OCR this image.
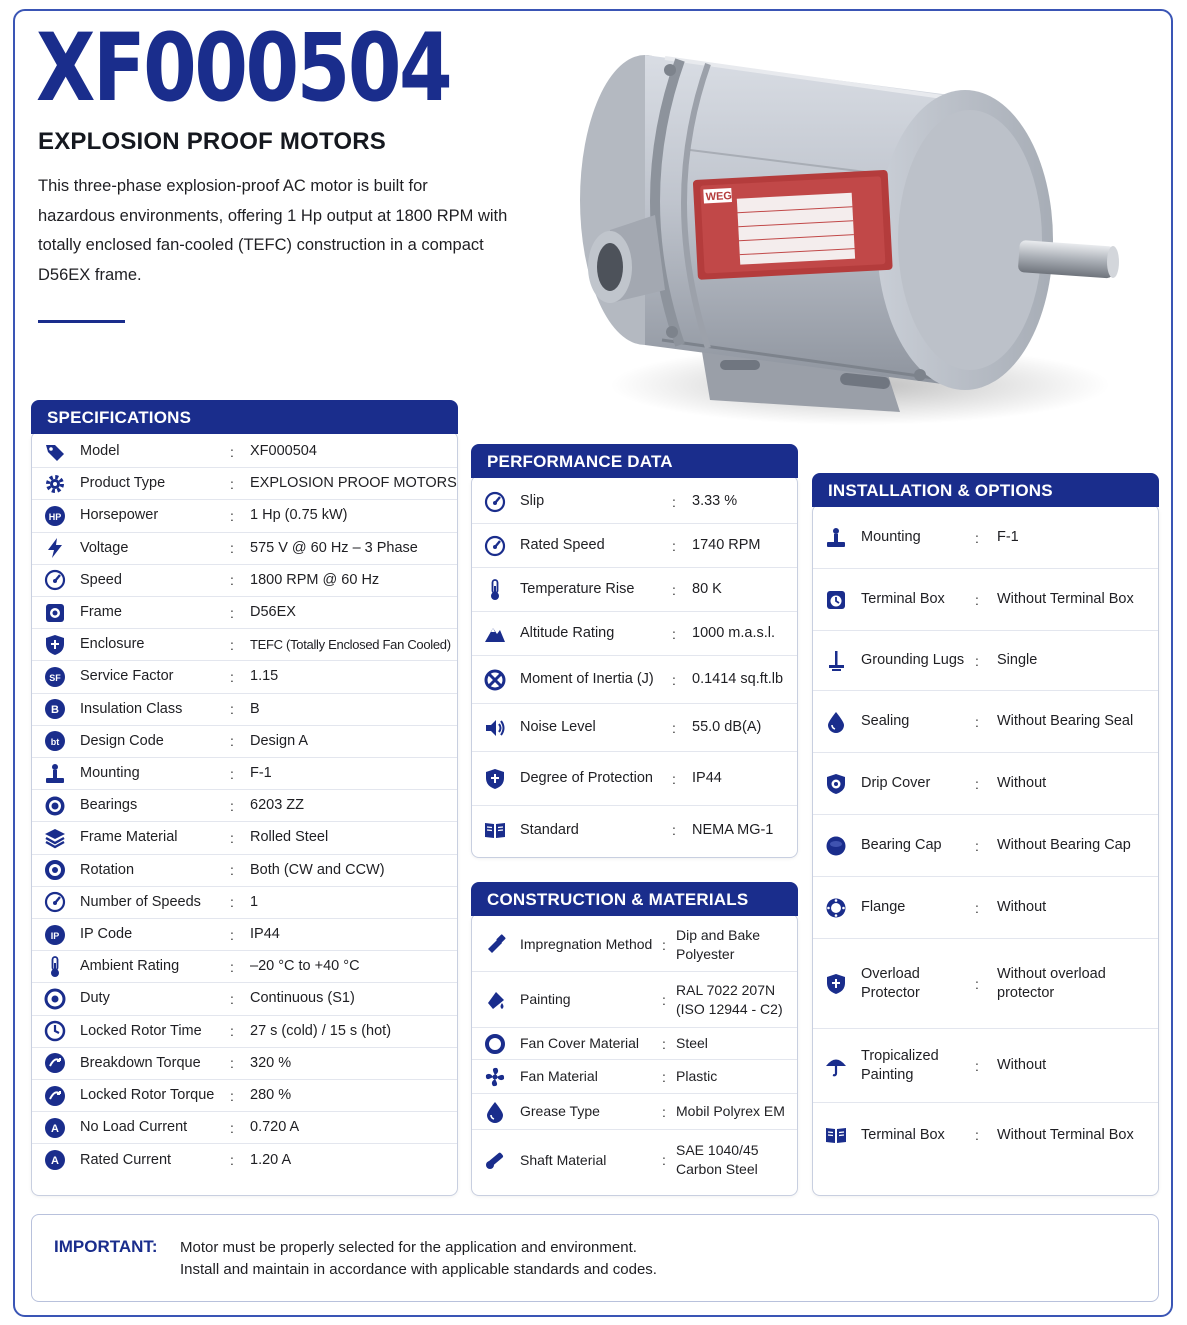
XF000504
EXPLOSION PROOF MOTORS
This three-phase explosion-proof AC motor is built for hazardous environments, offering 1 Hp output at 1800 RPM with totally enclosed fan-cooled (TEFC) construction in a compact D56EX frame.
WEG
SPECIFICATIONS
Model	:	XF000504
Product Type	:	EXPLOSION PROOF MOTORS
HP Horsepower	:	1 Hp (0.75 kW)
Voltage	:	575 V @ 60 Hz – 3 Phase
Speed	:	1800 RPM @ 60 Hz
Frame	:	D56EX
Enclosure	:	TEFC (Totally Enclosed Fan Cooled)
SF Service Factor	:	1.15
B Insulation Class	:	B
bt Design Code	:	Design A
Mounting	:	F-1
Bearings	:	6203 ZZ
Frame Material	:	Rolled Steel
Rotation	:	Both (CW and CCW)
Number of Speeds	:	1
IP IP Code	:	IP44
Ambient Rating	:	–20 °C to +40 °C
Duty	:	Continuous (S1)
Locked Rotor Time	:	27 s (cold) / 15 s (hot)
Breakdown Torque	:	320 %
Locked Rotor Torque	:	280 %
A No Load Current	:	0.720 A
A Rated Current	:	1.20 A
PERFORMANCE DATA
Slip	:	3.33 %
Rated Speed	:	1740 RPM
Temperature Rise	:	80 K
Altitude Rating	:	1000 m.a.s.l.
Moment of Inertia (J)	:	0.1414 sq.ft.lb
Noise Level	:	55.0 dB(A)
Degree of Protection	:	IP44
Standard	:	NEMA MG-1
CONSTRUCTION & MATERIALS
Impregnation Method :
Dip and Bake Polyester
Painting	:
RAL 7022 207N (ISO 12944 - C2)
Fan Cover Material	: Steel
Fan Material	: Plastic
Grease Type	: Mobil Polyrex EM
Shaft Material	:
SAE 1040/45 Carbon Steel
INSTALLATION & OPTIONS
Mounting	:	F-1
Terminal Box	:	Without Terminal Box
Grounding Lugs :	Single
Sealing	:	Without Bearing Seal
Drip Cover	:	Without
Bearing Cap	:	Without Bearing Cap
Flange	:	Without
Overload Protector
:
Without overload protector
Tropicalized Painting
:	Without
Terminal Box	:	Without Terminal Box
IMPORTANT: Motor must be properly selected for the application and environment.
Install and maintain in accordance with applicable standards and codes.
